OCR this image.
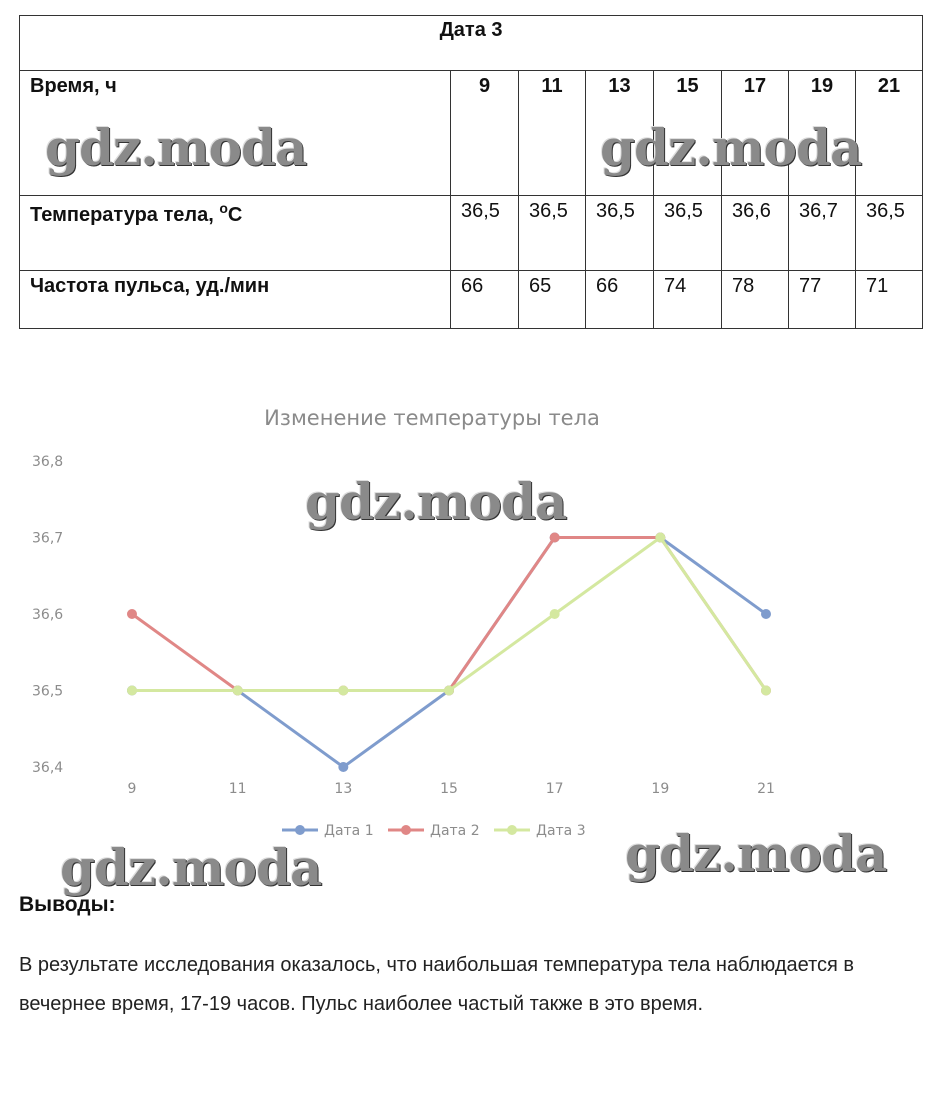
Дата 3							
Время, ч	9	11	13	15	17	19	21
Температура тела, $^o$C	36,5	36,5	36,5	36,5	36,6	36,7	36,5
Частота пульса, уд./мин	66	65	66	74	78	77	71
Изменение температуры тела
36,4
36,5
36,6
36,7
36,8
9	11	13	15	17	19	21
Дата 1	Дата 2	Дата 3
gdz.moda	gdz.moda
gdz.moda
gdz.moda	gdz.moda
Выводы:

В результате исследования оказалось, что наибольшая температура тела наблюдается в вечернее время, 17-19 часов. Пульс наиболее частый также в это время.
